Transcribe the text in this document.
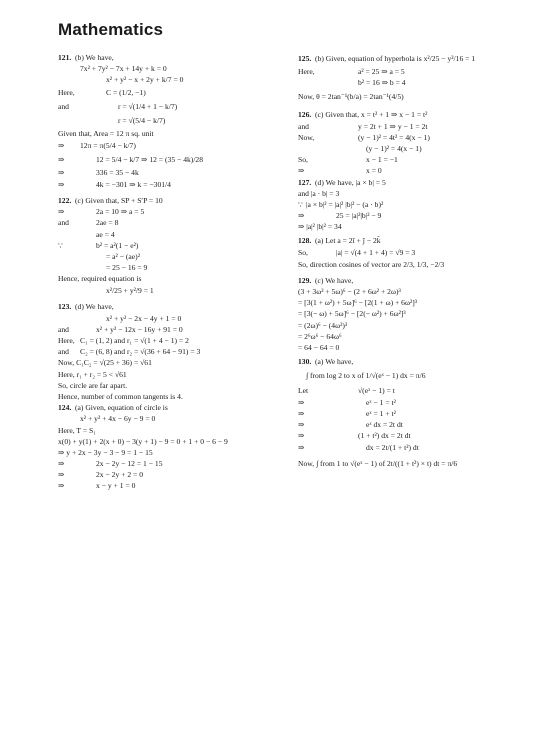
Mathematics
121. (b) We have,
7x² + 7y² − 7x + 14y + k = 0
x² + y² − x + 2y + k/7 = 0
Here,	C = (1/2, −1)
and	r = √(1/4 + 1 − k/7)
r = √(5/4 − k/7)
Given that, Area = 12 π sq. unit
⇒ 12π = π(5/4 − k/7)
⇒	12 = 5/4 − k/7 ⇒ 12 = (35 − 4k)/28
⇒	336 = 35 − 4k
⇒	4k = −301 ⇒ k = −301/4
122. (c) Given that, SP + S′P = 10
⇒	2a = 10 ⇒ a = 5
and	2ae = 8
ae = 4
∵	b² = a²(1 − e²)
= a² − (ae)²
= 25 − 16 = 9
Hence, required equation is
x²/25 + y²/9 = 1
123. (d) We have,
x² + y² − 2x − 4y + 1 = 0
and	x² + y² − 12x − 16y + 91 = 0
Here, C₁ = (1, 2) and r₁ = √(1 + 4 − 1) = 2
and C₂ = (6, 8) and r₂ = √(36 + 64 − 91) = 3
Now, C₁C₂ = √(25 + 36) = √61
Here, r₁ + r₂ = 5 < √61
So, circle are far apart.
Hence, number of common tangents is 4.
124. (a) Given, equation of circle is
x² + y² + 4x − 6y − 9 = 0
Here, T = S₁
x(0) + y(1) + 2(x + 0) − 3(y + 1) − 9 = 0 + 1 + 0 − 6 − 9
⇒ y + 2x − 3y − 3 − 9 = 1 − 15
⇒	2x − 2y − 12 = 1 − 15
⇒	2x − 2y + 2 = 0
⇒	x − y + 1 = 0
125. (b) Given, equation of hyperbola is x²/25 − y²/16 = 1
Here,	a² = 25 ⇒ a = 5
b² = 16 ⇒ b = 4
Now, θ = 2tan⁻¹(b/a) = 2tan⁻¹(4/5)
126. (c) Given that, x = t² + 1 ⇒ x − 1 = t²
and	y = 2t + 1 ⇒ y − 1 = 2t
Now,	(y − 1)² = 4t² = 4(x − 1)
(y − 1)² = 4(x − 1)
So,	x − 1 = −1
⇒	x = 0
127. (d) We have, |a × b| = 5
and |a · b| = 3
∵ |a × b|² = |a|² |b|² − (a · b)²
⇒	25 = |a|²|b|² − 9
⇒ |a|² |b|² = 34
128. (a) Let a = 2î + ĵ − 2k̂
So,	|a| = √(4 + 1 + 4) = √9 = 3
So, direction cosines of vector are 2/3, 1/3, −2/3
129. (c) We have,
(3 + 3ω² + 5ω)⁶ − (2 + 6ω² + 2ω)³
= [3(1 + ω²) + 5ω]⁶ − [2(1 + ω) + 6ω²]³
= [3(− ω) + 5ω]⁶ − [2(− ω²) + 6ω²]³
= (2ω)⁶ − (4ω²)³
= 2⁶ω⁶ − 64ω⁶
= 64 − 64 = 0
130. (a) We have,
∫ from log 2 to x of 1/√(eˣ − 1) dx = π/6
Let	√(eˣ − 1) = t
⇒	eˣ − 1 = t²
⇒	eˣ = 1 + t²
⇒	eˣ dx = 2t dt
⇒	(1 + t²) dx = 2t dt
⇒	dx = 2t/(1 + t²) dt
Now, ∫ from 1 to √(eˣ − 1) of 2t/((1 + t²) × t) dt = π/6
